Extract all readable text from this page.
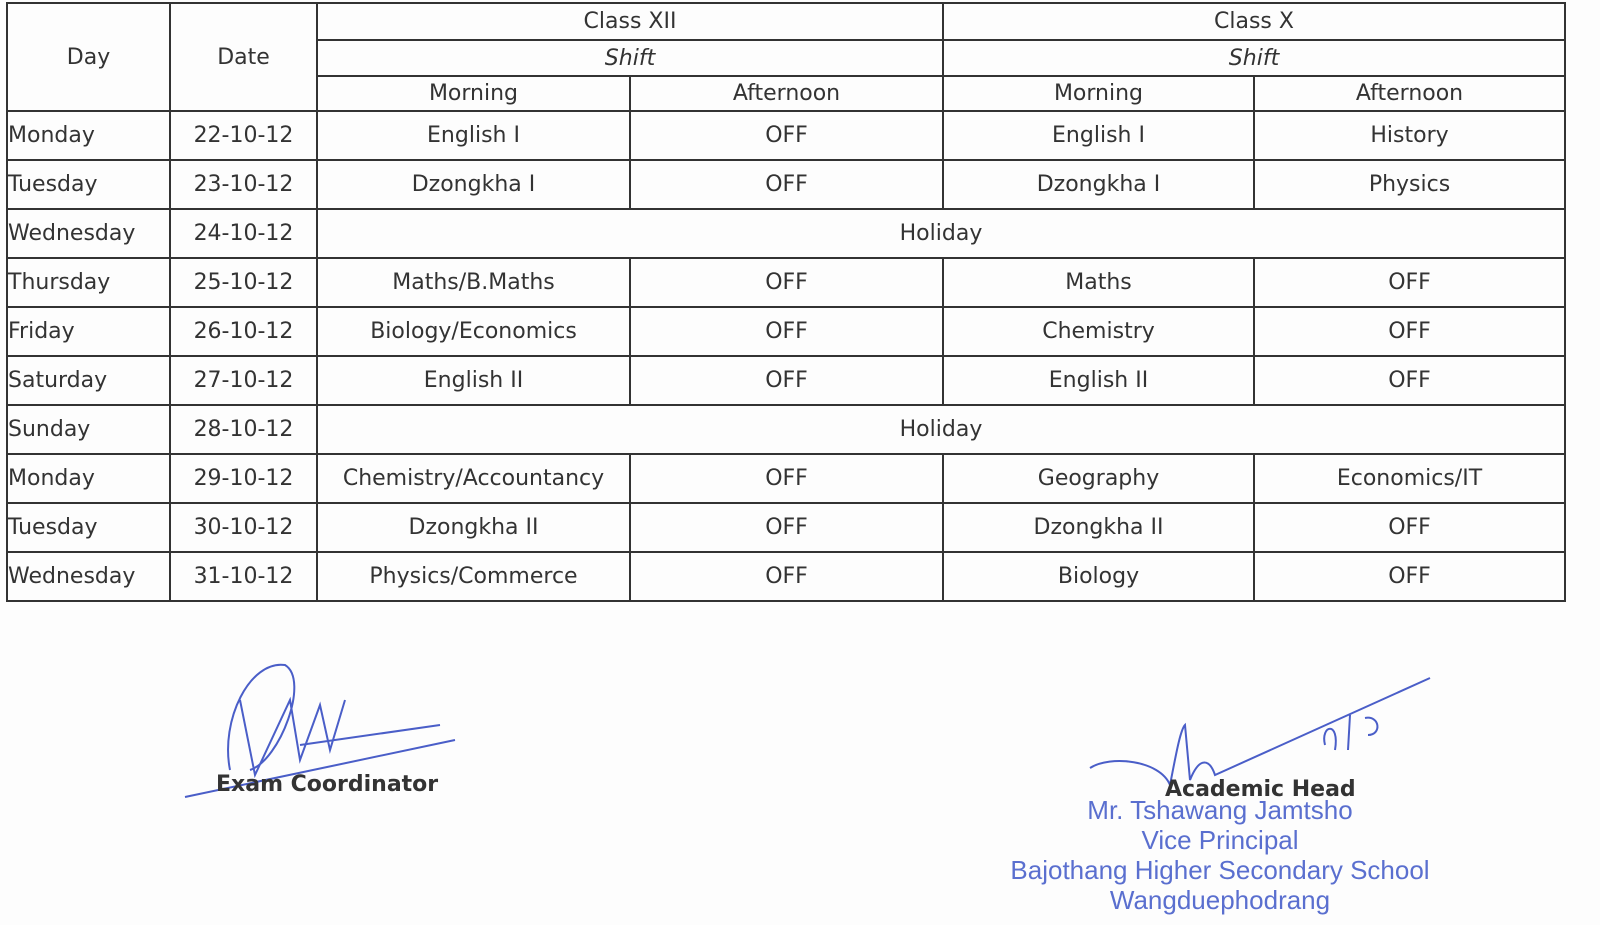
Day	Date	Class XII		Class X	
		Shift		Shift	
		Morning	Afternoon	Morning	Afternoon
Monday	22-10-12	English I	OFF	English I	History
Tuesday	23-10-12	Dzongkha I	OFF	Dzongkha I	Physics
Wednesday	24-10-12	Holiday			
Thursday	25-10-12	Maths/B.Maths	OFF	Maths	OFF
Friday	26-10-12	Biology/Economics	OFF	Chemistry	OFF
Saturday	27-10-12	English II	OFF	English II	OFF
Sunday	28-10-12	Holiday			
Monday	29-10-12	Chemistry/Accountancy	OFF	Geography	Economics/IT
Tuesday	30-10-12	Dzongkha II	OFF	Dzongkha II	OFF
Wednesday	31-10-12	Physics/Commerce	OFF	Biology	OFF
Exam Coordinator	Academic Head
Mr. Tshawang Jamtsho
Vice Principal
Bajothang Higher Secondary School
Wangduephodrang
